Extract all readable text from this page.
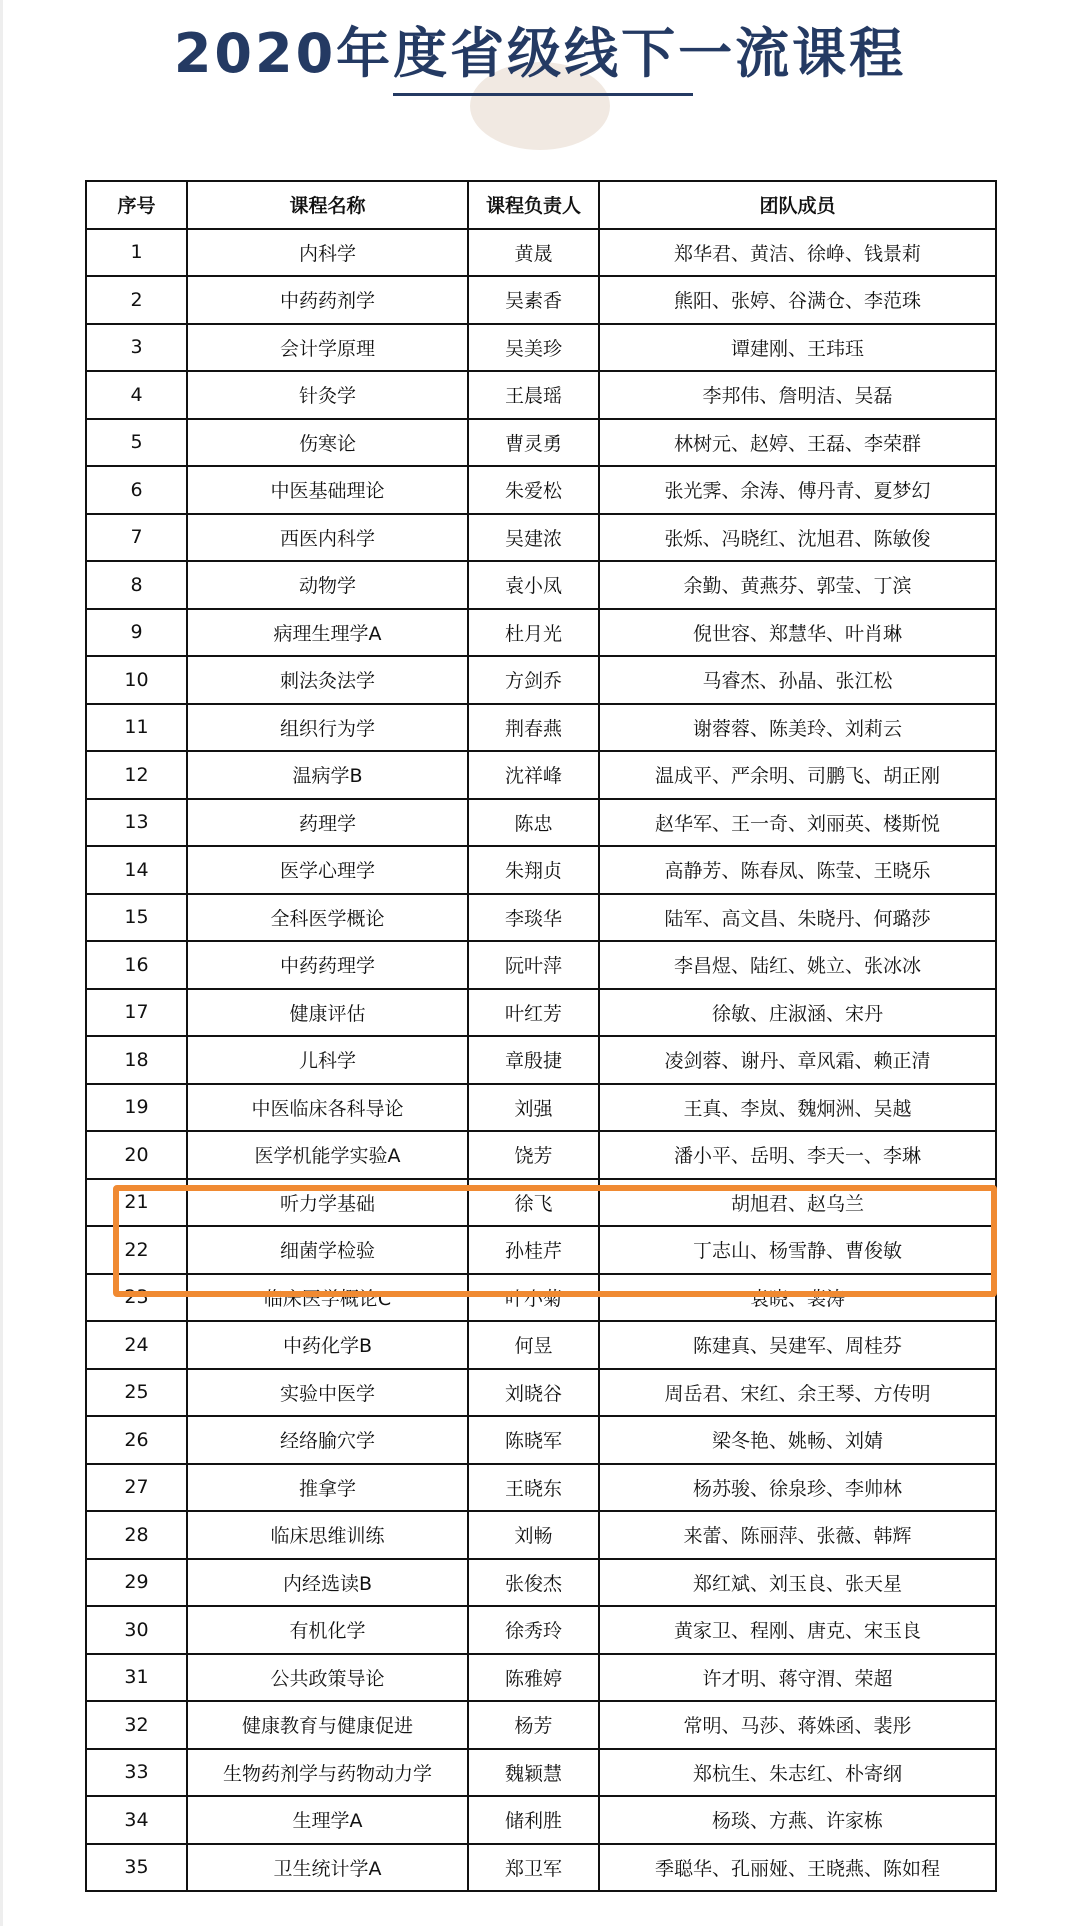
2020年度省级线下一流课程
序号	课程名称	课程负责人	团队成员
1	内科学	黄晟	郑华君、黄洁、徐峥、钱景莉
2	中药药剂学	吴素香	熊阳、张婷、谷满仓、李范珠
3	会计学原理	吴美珍	谭建刚、王玮珏
4	针灸学	王晨瑶	李邦伟、詹明洁、吴磊
5	伤寒论	曹灵勇	林树元、赵婷、王磊、李荣群
6	中医基础理论	朱爱松	张光霁、余涛、傅丹青、夏梦幻
7	西医内科学	吴建浓	张烁、冯晓红、沈旭君、陈敏俊
8	动物学	袁小凤	余勤、黄燕芬、郭莹、丁滨
9	病理生理学A	杜月光	倪世容、郑慧华、叶肖琳
10	刺法灸法学	方剑乔	马睿杰、孙晶、张江松
11	组织行为学	荆春燕	谢蓉蓉、陈美玲、刘莉云
12	温病学B	沈祥峰	温成平、严余明、司鹏飞、胡正刚
13	药理学	陈忠	赵华军、王一奇、刘丽英、楼斯悦
14	医学心理学	朱翔贞	高静芳、陈春凤、陈莹、王晓乐
15	全科医学概论	李琰华	陆军、高文昌、朱晓丹、何璐莎
16	中药药理学	阮叶萍	李昌煜、陆红、姚立、张冰冰
17	健康评估	叶红芳	徐敏、庄淑涵、宋丹
18	儿科学	章殷捷	凌剑蓉、谢丹、章风霜、赖正清
19	中医临床各科导论	刘强	王真、李岚、魏炯洲、吴越
20	医学机能学实验A	饶芳	潘小平、岳明、李天一、李琳
21	听力学基础	徐飞	胡旭君、赵乌兰
22	细菌学检验	孙桂芹	丁志山、杨雪静、曹俊敏
23	临床医学概论C	叶小菊	袁晓、裴涛
24	中药化学B	何昱	陈建真、吴建军、周桂芬
25	实验中医学	刘晓谷	周岳君、宋红、余王琴、方传明
26	经络腧穴学	陈晓军	梁冬艳、姚畅、刘婧
27	推拿学	王晓东	杨苏骏、徐泉珍、李帅林
28	临床思维训练	刘畅	来蕾、陈丽萍、张薇、韩辉
29	内经选读B	张俊杰	郑红斌、刘玉良、张天星
30	有机化学	徐秀玲	黄家卫、程刚、唐克、宋玉良
31	公共政策导论	陈雅婷	许才明、蒋守渭、荣超
32	健康教育与健康促进	杨芳	常明、马莎、蒋姝函、裴彤
33	生物药剂学与药物动力学	魏颖慧	郑杭生、朱志红、朴寄纲
34	生理学A	储利胜	杨琰、方燕、许家栋
35	卫生统计学A	郑卫军	季聪华、孔丽娅、王晓燕、陈如程
